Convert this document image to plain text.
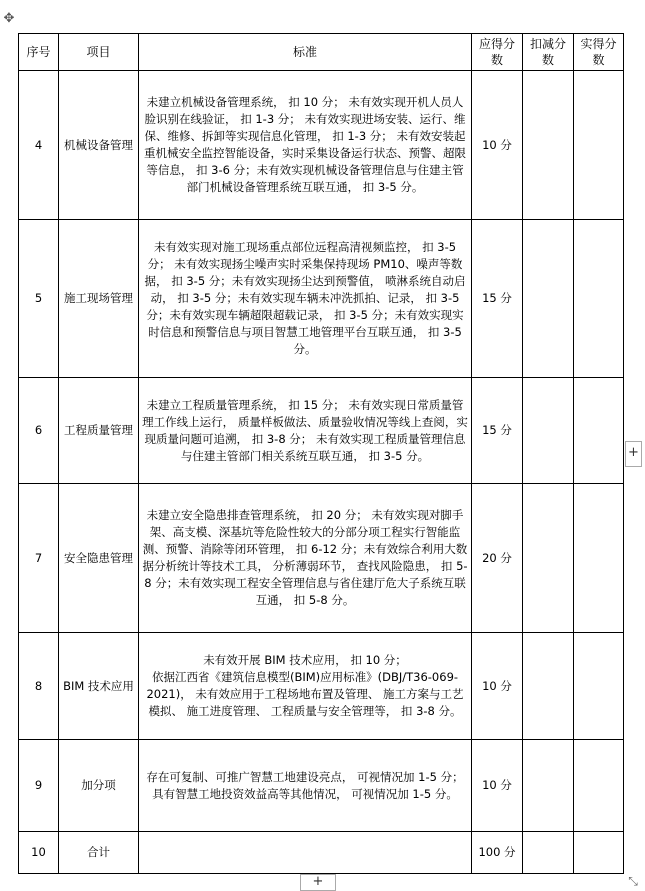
✥
序号	项目	标准	应得分数	扣减分数	实得分数
4	机械设备管理	未建立机械设备管理系统， 扣 10 分； 未有效实现开机人员人脸识别在线验证， 扣 1-3 分； 未有效实现进场安装、运行、维保、维修、拆卸等实现信息化管理， 扣 1-3 分； 未有效安装起重机械安全监控智能设备，实时采集设备运行状态、预警、超限等信息， 扣 3-6 分；未有效实现机械设备管理信息与住建主管部门机械设备管理系统互联互通， 扣 3-5 分。	10 分		
5	施工现场管理	未有效实现对施工现场重点部位远程高清视频监控， 扣 3-5 分； 未有效实现扬尘噪声实时采集保持现场 PM10、噪声等数据， 扣 3-5 分；未有效实现扬尘达到预警值， 喷淋系统自动启动， 扣 3-5 分；未有效实现车辆未冲洗抓拍、记录， 扣 3-5 分；未有效实现车辆超限超载记录， 扣 3-5 分；未有效实现实时信息和预警信息与项目智慧工地管理平台互联互通， 扣 3-5 分。	15 分		
6	工程质量管理	未建立工程质量管理系统， 扣 15 分； 未有效实现日常质量管理工作线上运行， 质量样板做法、质量验收情况等线上查阅，实现质量问题可追溯， 扣 3-8 分； 未有效实现工程质量管理信息与住建主管部门相关系统互联互通， 扣 3-5 分。	15 分		
7	安全隐患管理	未建立安全隐患排查管理系统， 扣 20 分； 未有效实现对脚手架、高支模、深基坑等危险性较大的分部分项工程实行智能监测、预警、消除等闭环管理， 扣 6-12 分；未有效综合利用大数据分析统计等技术工具， 分析薄弱环节， 查找风险隐患， 扣 5-8 分；未有效实现工程安全管理信息与省住建厅危大子系统互联互通， 扣 5-8 分。	20 分		
8	BIM 技术应用	未有效开展 BIM 技术应用， 扣 10 分；
依据江西省《建筑信息模型(BIM)应用标准》(DBJ/T36-069-2021)， 未有效应用于工程场地布置及管理、 施工方案与工艺模拟、 施工进度管理、 工程质量与安全管理等， 扣 3-8 分。	10 分		
9	加分项	存在可复制、可推广智慧工地建设亮点， 可视情况加 1-5 分；
具有智慧工地投资效益高等其他情况， 可视情况加 1-5 分。	10 分		
10	合计		100 分		
+
+	⤡
